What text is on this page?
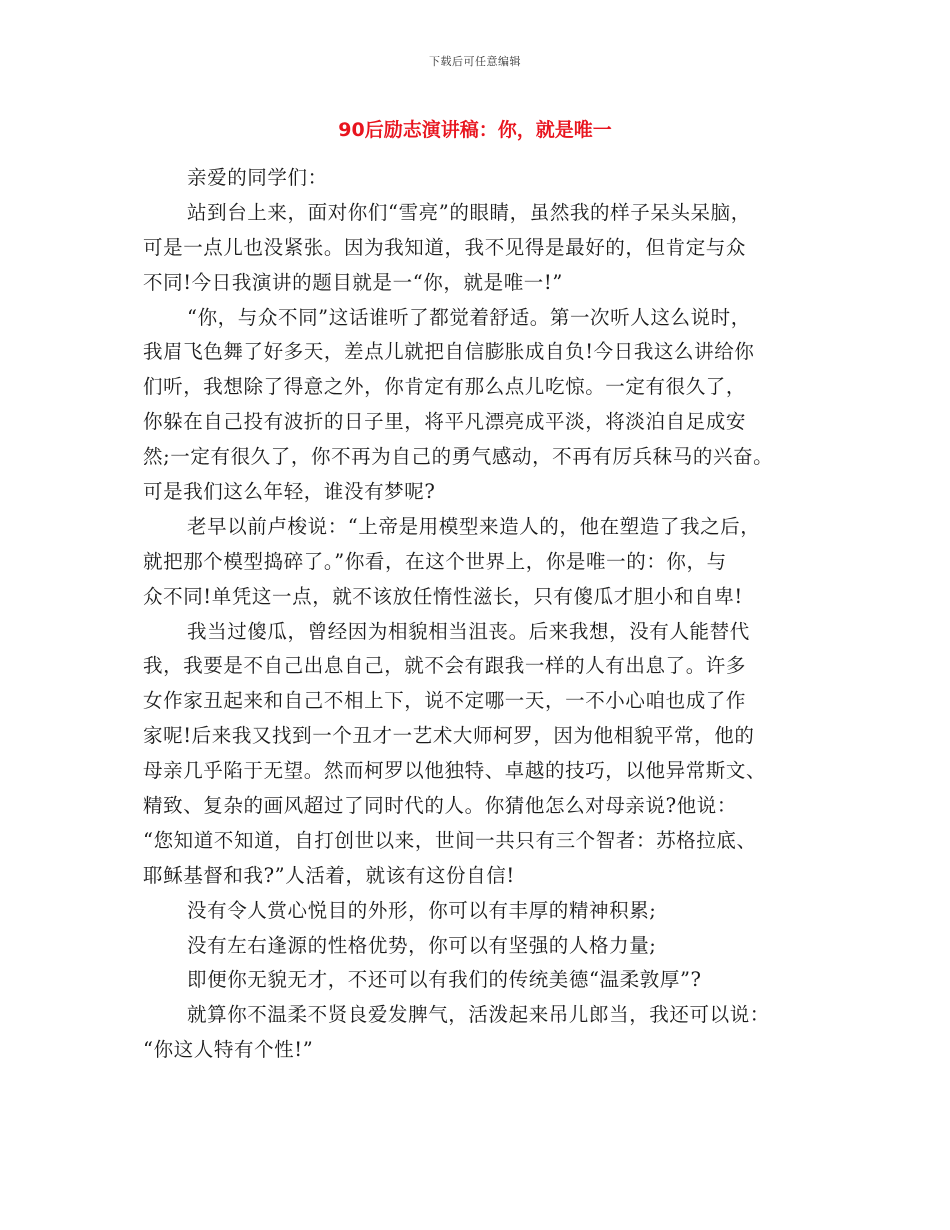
下载后可任意编辑
90后励志演讲稿：你，就是唯一
亲爱的同学们：
站到台上来，面对你们“雪亮”的眼睛，虽然我的样子呆头呆脑，
可是一点儿也没紧张。因为我知道，我不见得是最好的，但肯定与众
不同!今日我演讲的题目就是一“你，就是唯一!”
“你，与众不同”这话谁听了都觉着舒适。第一次听人这么说时，
我眉飞色舞了好多天，差点儿就把自信膨胀成自负!今日我这么讲给你
们听，我想除了得意之外，你肯定有那么点儿吃惊。一定有很久了，
你躲在自己投有波折的日子里，将平凡漂亮成平淡，将淡泊自足成安
然;一定有很久了，你不再为自己的勇气感动，不再有厉兵秣马的兴奋。
可是我们这么年轻，谁没有梦呢?
老早以前卢梭说：“上帝是用模型来造人的，他在塑造了我之后，
就把那个模型捣碎了。”你看，在这个世界上，你是唯一的：你，与
众不同!单凭这一点，就不该放任惰性滋长，只有傻瓜才胆小和自卑!
我当过傻瓜，曾经因为相貌相当沮丧。后来我想，没有人能替代
我，我要是不自己出息自己，就不会有跟我一样的人有出息了。许多
女作家丑起来和自己不相上下，说不定哪一天，一不小心咱也成了作
家呢!后来我又找到一个丑才一艺术大师柯罗，因为他相貌平常，他的
母亲几乎陷于无望。然而柯罗以他独特、卓越的技巧，以他异常斯文、
精致、复杂的画风超过了同时代的人。你猜他怎么对母亲说?他说：
“您知道不知道，自打创世以来，世间一共只有三个智者：苏格拉底、
耶稣基督和我?”人活着，就该有这份自信!
没有令人赏心悦目的外形，你可以有丰厚的精神积累;
没有左右逢源的性格优势，你可以有坚强的人格力量;
即便你无貌无才，不还可以有我们的传统美德“温柔敦厚”?
就算你不温柔不贤良爱发脾气，活泼起来吊儿郎当，我还可以说：
“你这人特有个性!”
